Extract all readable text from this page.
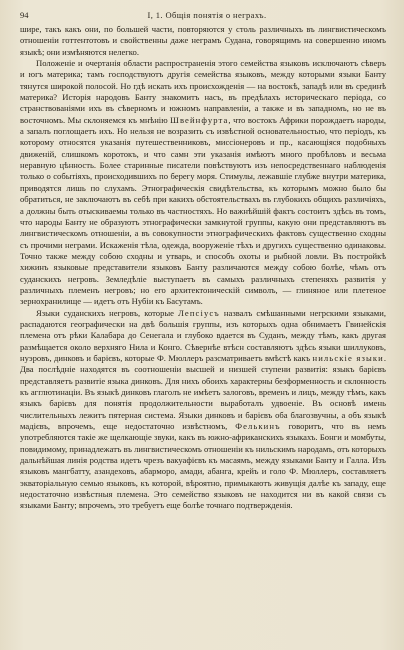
94	I, 1. Общія понятія о неграхъ.

шире, такъ какъ они, по большей части, повторяются у столь различныхъ въ лингвистическомъ отношеніи готтентотовъ и свойственны даже неграмъ Судана, говорящимъ на совершенно иномъ языкѣ; они измѣняются нелегко.

Положеніе и очертанія области распространенія этого семейства языковъ исключаютъ сѣверъ и югъ материка; тамъ господствуютъ другія семейства языковъ, между которыми языки Банту тянутся широкой полосой. Но гдѣ искать ихъ происхожденія — на востокѣ, западѣ или въ срединѣ материка? Исторія народовъ Банту знакомитъ насъ, въ предѣлахъ историческаго періода, со странствованіями ихъ въ сѣверномъ и южномъ направленіи, а также и въ западномъ, но не въ восточномъ. Мы склоняемся къ мнѣнію Швейнфурта, что востокъ Африки порождаетъ народы, а запалъ поглощаетъ ихъ. Но нельзя не возразить съ извѣстной основательностью, что періодъ, къ которому относятся указанія путешественниковъ, миссіонеровъ и пр., касающіяся подобныхъ движеній, слишкомъ коротокъ, и что самн эти указанія имѣютъ много пробѣловъ и весьма неравную цѣнность. Более старинные писатели повѣствуютъ изъ непосредственнаго наблюденія только о событіяхъ, происходившихъ по берегу моря. Стимулы, лежавшіе глубже внутри материка, приводятся лишь по слухамъ. Этнографическія свидѣтельства, къ которымъ можно было бы обратиться, не заключаютъ въ себѣ при какихъ обстоятельствахъ въ глубокихъ общихъ различіяхъ, а должны быть отыскиваемы только въ частностяхъ. Но важнѣйшій фактъ состоитъ здѣсь въ томъ, что народы Банту не образуютъ этнографически замкнутой группы, какую они представляютъ въ лингвистическомъ отношеніи, а въ совокупности этнографическихъ фактовъ существенно сходны съ прочими неграми. Искаженія тѣла, одежда, вооруженіе тѣхъ и другихъ существенно одинаковы. Точно также между собою сходны и утварь, и способъ охоты и рыбной ловли. Въ постройкѣ хижинъ языковые представители языковъ Банту различаются между собою болѣе, чѣмъ отъ суданскихъ негровъ. Земледѣліе выступаетъ въ самыхъ различныхъ степеняхъ развитія у различныхъ племенъ негровъ; но его архитектоническій символъ, — глиняное или плетеное зернохранилище — идетъ отъ Нубіи къ Басутамъ.

Языки суданскихъ негровъ, которые Лепсіусъ назвалъ смѣшанными негрскими языками, распадаются географически на двѣ большія группы, изъ которыхъ одна обнимаетъ Гвинейскія племена отъ рѣки Калабара до Сенегала и глубоко вдается въ Суданъ, между тѣмъ, какъ другая размѣщается около верхняго Нила и Конго. Сѣвернѣе втѣсн составляютъ здѣсь языки шиллуковъ, нуэровъ, динковъ и барієвъ, которые Ф. Мюллеръ разсматриваетъ вмѣстѣ какъ нильскіе языки. Два послѣдніе находятся въ соотношеніи высшей и низшей ступени развитія: языкъ барієвъ представляетъ развитіе языка динковъ. Для нихъ обоихъ характерны безформенность и склонность къ агглютинаціи. Въ языкѣ динковъ глаголъ не имѣетъ залоговъ, временъ и лицъ, между тѣмъ, какъ языкъ барієвъ для понятія продолжительности выработалъ удвоеніе. Въ основѣ имень числительныхъ лежитъ пятерная система. Языки динковъ и барієвъ оба благозвучны, а объ языкѣ мадієвъ, впрочемъ, еще недостаточно извѣстномъ, Фелькинъ говоритъ, что въ немъ употребляются такіе же щелкающіе звуки, какъ въ южно-африканскихъ языкахъ. Бонги и момбуты, повидимому, принадлежатъ въ лингвистическомъ отношеніи къ нильскимъ народамъ, отъ которыхъ дальнѣйшая линія родства идетъ чрезъ вакуафієвъ къ масаямъ, между языками Банту и Галла. Изъ языковъ мангбатту, азандеховъ, абарморо, амади, абанга, крейъ и голо Ф. Мюллеръ, составляетъ экваторіальную семью языковъ, къ которой, вѣроятно, примыкаютъ живущія далѣе къ западу, еще недостаточно извѣстныя племена. Это семейство языковъ не находится ни въ какой связи съ языками Банту; впрочемъ, это требуетъ еще болѣе точнаго подтвержденія.
